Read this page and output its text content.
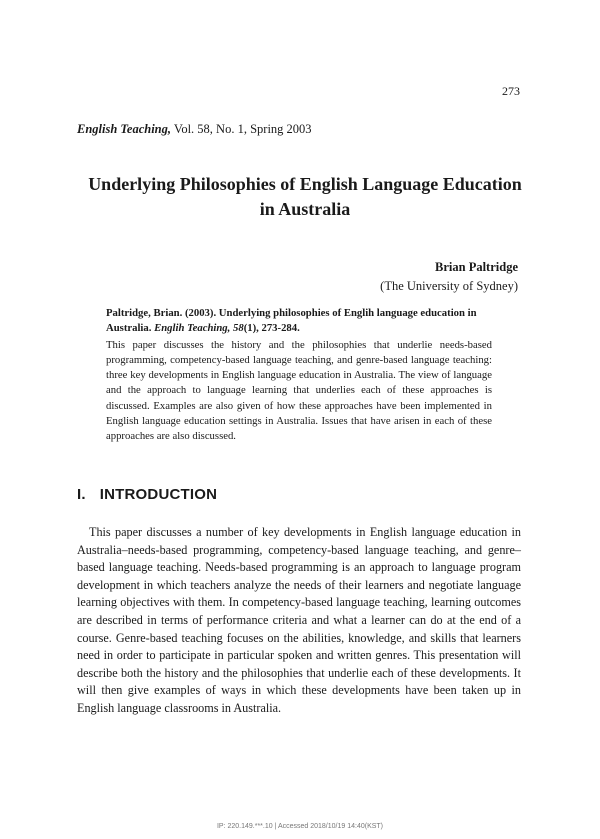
273
English Teaching, Vol. 58, No. 1, Spring 2003
Underlying Philosophies of English Language Education
in Australia
Brian Paltridge
(The University of Sydney)
Paltridge, Brian. (2003). Underlying philosophies of Englih language education in Australia. Englih Teaching, 58(1), 273-284.
This paper discusses the history and the philosophies that underlie needs-based programming, competency-based language teaching, and genre-based language teaching: three key developments in English language education in Australia. The view of language and the approach to language learning that underlies each of these approaches is discussed. Examples are also given of how these approaches have been implemented in English language education settings in Australia. Issues that have arisen in each of these approaches are also discussed.
I. INTRODUCTION
This paper discusses a number of key developments in English language education in Australia–needs-based programming, competency-based language teaching, and genre–based language teaching. Needs-based programming is an approach to language program development in which teachers analyze the needs of their learners and negotiate language learning objectives with them. In competency-based language teaching, learning outcomes are described in terms of performance criteria and what a learner can do at the end of a course. Genre-based teaching focuses on the abilities, knowledge, and skills that learners need in order to participate in particular spoken and written genres. This presentation will describe both the history and the philosophies that underlie each of these developments. It will then give examples of ways in which these developments have been taken up in English language classrooms in Australia.
IP: 220.149.***.10 | Accessed 2018/10/19 14:40(KST)
